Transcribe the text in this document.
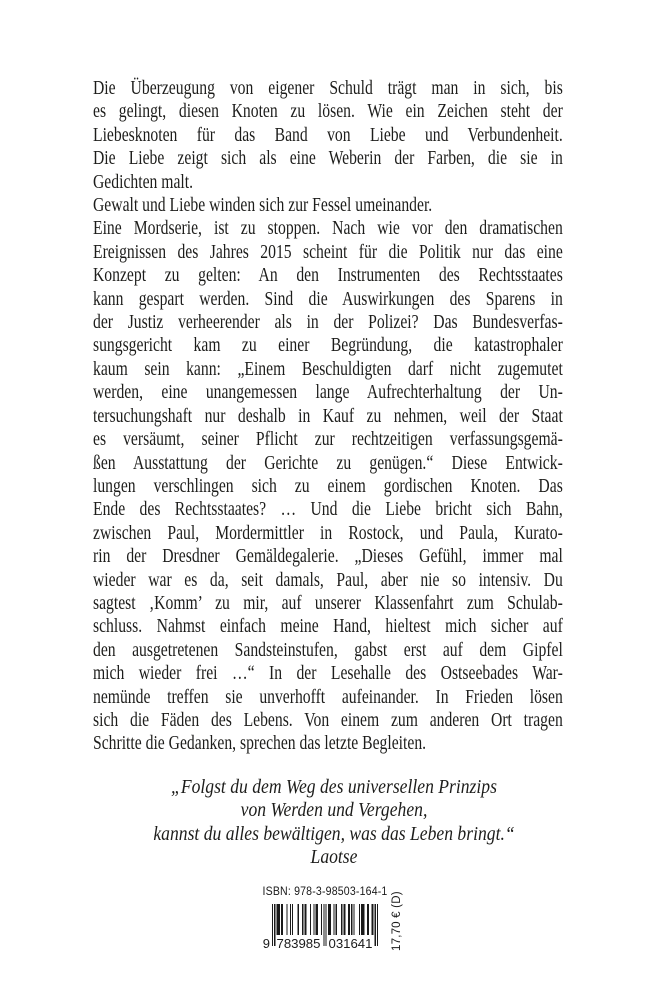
Die Überzeugung von eigener Schuld trägt man in sich, bis
es gelingt, diesen Knoten zu lösen. Wie ein Zeichen steht der
Liebesknoten für das Band von Liebe und Verbundenheit.
Die Liebe zeigt sich als eine Weberin der Farben, die sie in
Gedichten malt.
Gewalt und Liebe winden sich zur Fessel umeinander.
Eine Mordserie, ist zu stoppen. Nach wie vor den dramatischen
Ereignissen des Jahres 2015 scheint für die Politik nur das eine
Konzept zu gelten: An den Instrumenten des Rechtsstaates
kann gespart werden. Sind die Auswirkungen des Sparens in
der Justiz verheerender als in der Polizei? Das Bundesverfas-
sungsgericht kam zu einer Begründung, die katastrophaler
kaum sein kann: „Einem Beschuldigten darf nicht zugemutet
werden, eine unangemessen lange Aufrechterhaltung der Un-
tersuchungshaft nur deshalb in Kauf zu nehmen, weil der Staat
es versäumt, seiner Pflicht zur rechtzeitigen verfassungsgemä-
ßen Ausstattung der Gerichte zu genügen.“ Diese Entwick-
lungen verschlingen sich zu einem gordischen Knoten. Das
Ende des Rechtsstaates? … Und die Liebe bricht sich Bahn,
zwischen Paul, Mordermittler in Rostock, und Paula, Kurato-
rin der Dresdner Gemäldegalerie. „Dieses Gefühl, immer mal
wieder war es da, seit damals, Paul, aber nie so intensiv. Du
sagtest ‚Komm’ zu mir, auf unserer Klassenfahrt zum Schulab-
schluss. Nahmst einfach meine Hand, hieltest mich sicher auf
den ausgetretenen Sandsteinstufen, gabst erst auf dem Gipfel
mich wieder frei …“ In der Lesehalle des Ostseebades War-
nemünde treffen sie unverhofft aufeinander. In Frieden lösen
sich die Fäden des Lebens. Von einem zum anderen Ort tragen
Schritte die Gedanken, sprechen das letzte Begleiten.
„Folgst du dem Weg des universellen Prinzips
von Werden und Vergehen,
kannst du alles bewältigen, was das Leben bringt.“
Laotse
ISBN: 978-3-98503-164-1
9 783985 031641 17,70 € (D)
